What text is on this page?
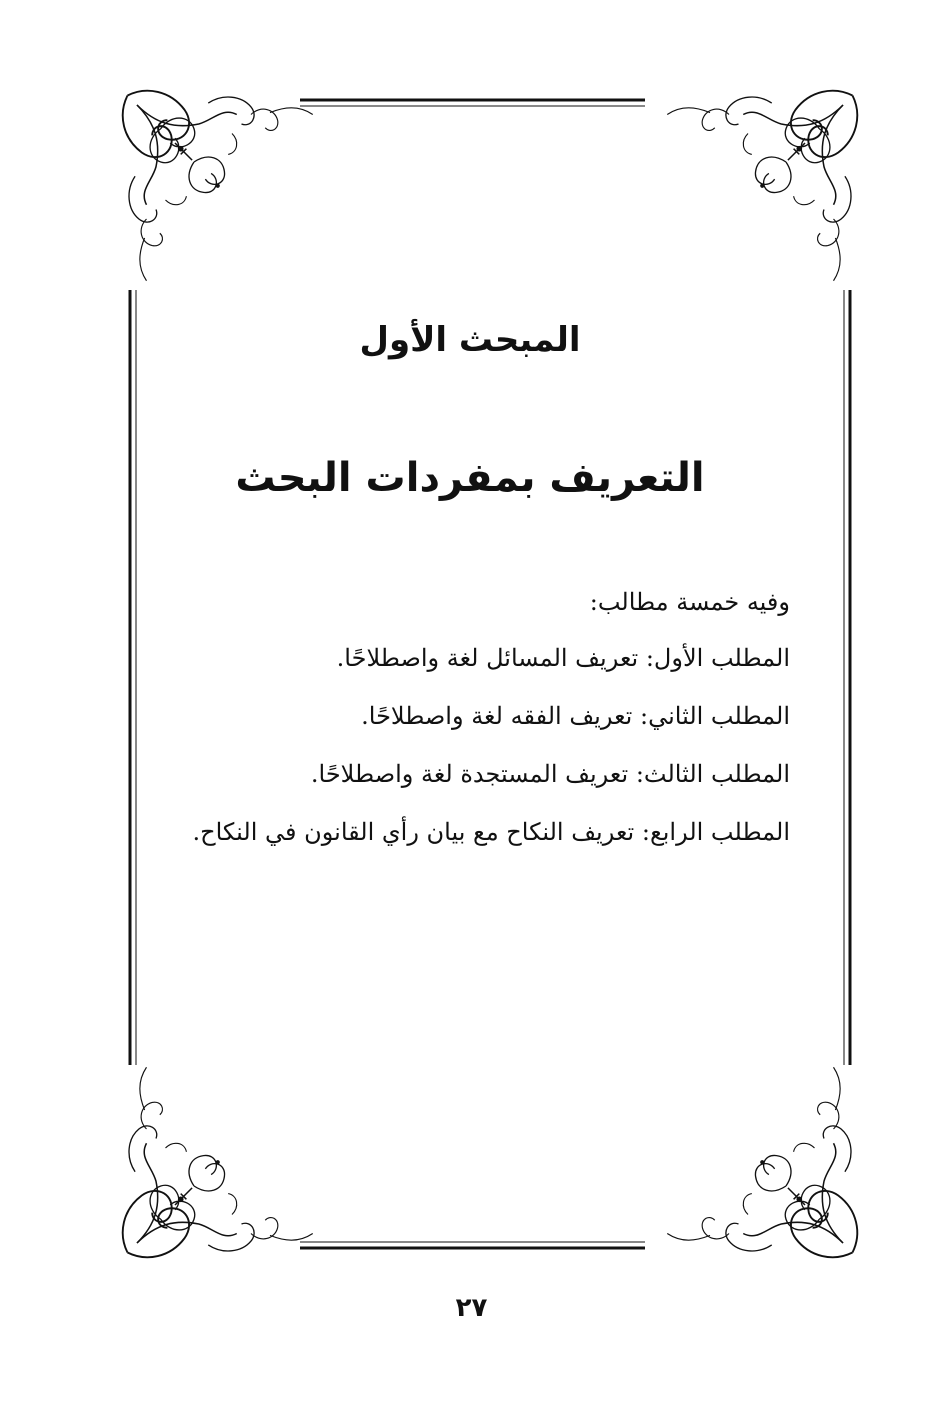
المبحث الأول
التعريف بمفردات البحث
وفيه خمسة مطالب:
المطلب الأول: تعريف المسائل لغة واصطلاحًا.
المطلب الثاني: تعريف الفقه لغة واصطلاحًا.
المطلب الثالث: تعريف المستجدة لغة واصطلاحًا.
المطلب الرابع: تعريف النكاح مع بيان رأي القانون في النكاح.
٢٧
